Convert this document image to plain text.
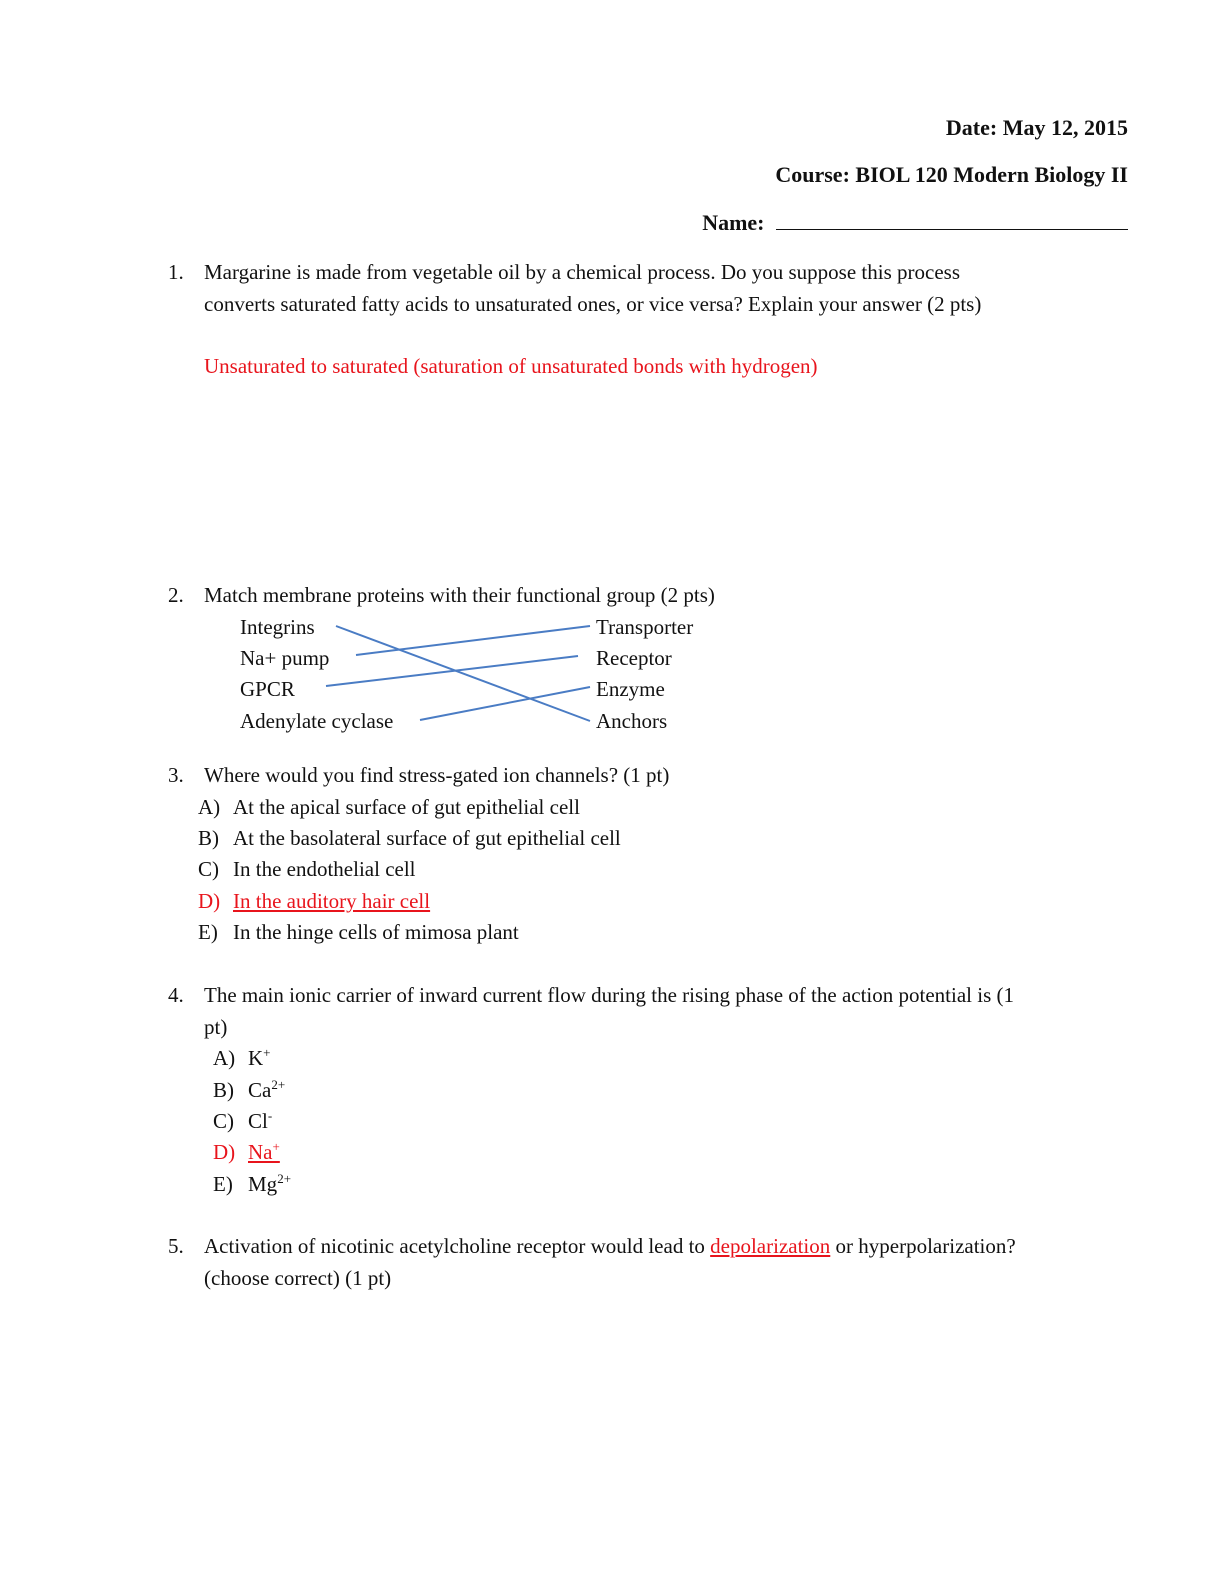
Date: May 12, 2015
Course: BIOL 120 Modern Biology II
Name:
1. Margarine is made from vegetable oil by a chemical process. Do you suppose this process
converts saturated fatty acids to unsaturated ones, or vice versa? Explain your answer (2 pts)
Unsaturated to saturated (saturation of unsaturated bonds with hydrogen)
2. Match membrane proteins with their functional group (2 pts)
Integrins
Na+ pump
GPCR
Adenylate cyclase
Transporter
Receptor
Enzyme
Anchors
3. Where would you find stress-gated ion channels? (1 pt)
A) At the apical surface of gut epithelial cell
B) At the basolateral surface of gut epithelial cell
C) In the endothelial cell
D) In the auditory hair cell
E) In the hinge cells of mimosa plant
4. The main ionic carrier of inward current flow during the rising phase of the action potential is (1
pt)
A) K+
B) $Ca^{2+}$
C) Cl-
D) Na+
E) $Mg^{2+}$
5. Activation of nicotinic acetylcholine receptor would lead to depolarization or hyperpolarization?
(choose correct) (1 pt)
